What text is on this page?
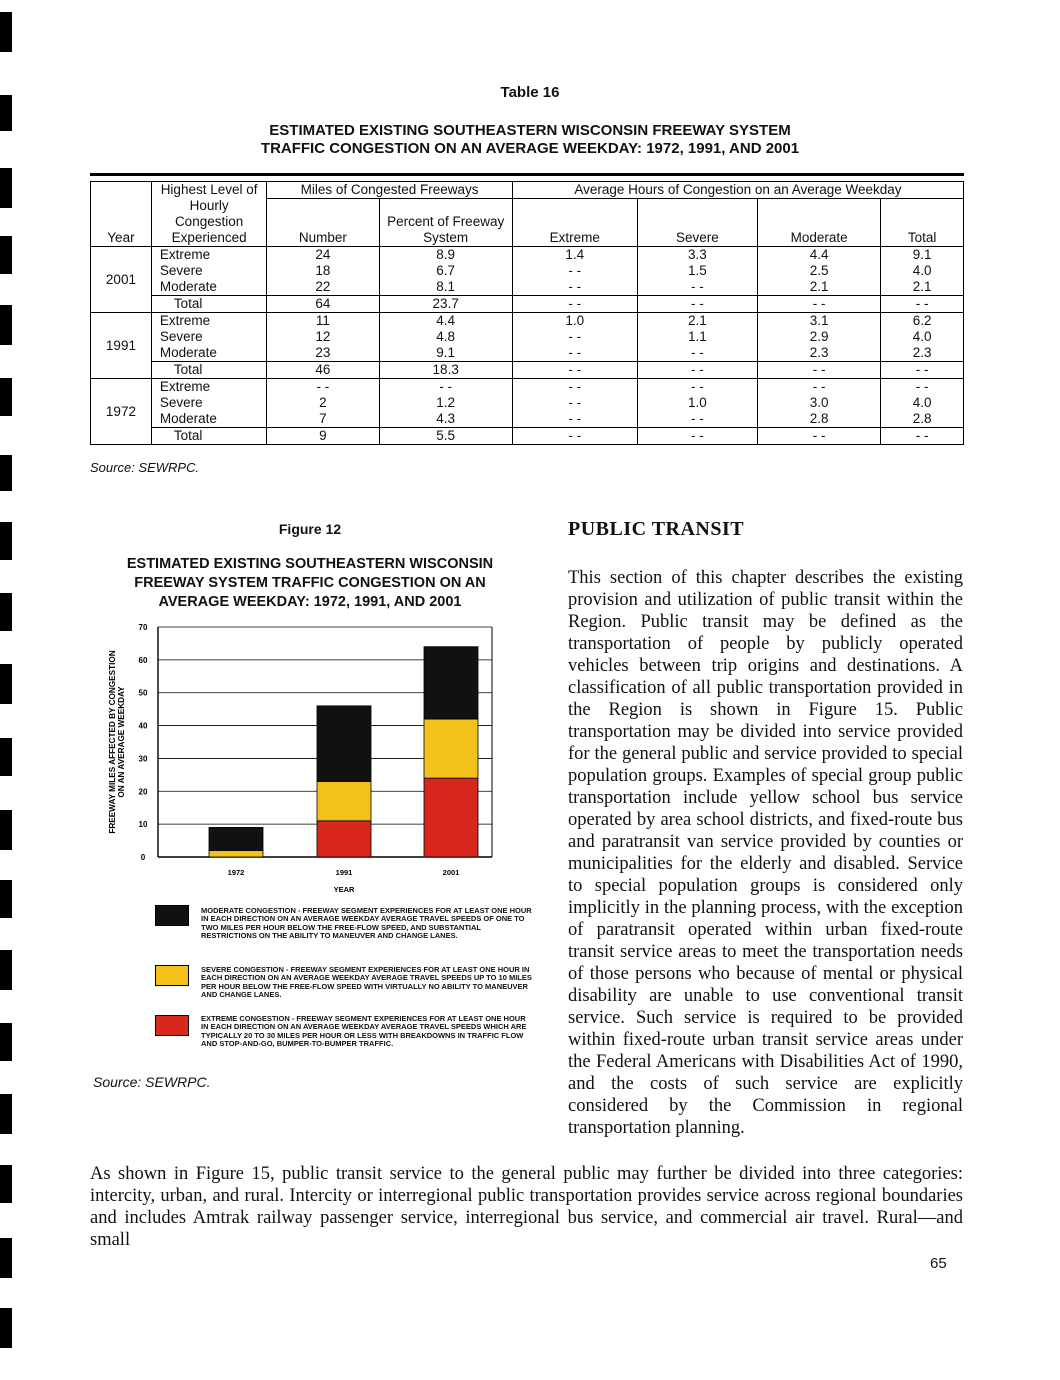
Table 16
ESTIMATED EXISTING SOUTHEASTERN WISCONSIN FREEWAY SYSTEM
TRAFFIC CONGESTION ON AN AVERAGE WEEKDAY: 1972, 1991, AND 2001
Year	Highest Level of Hourly Congestion Experienced	Miles of Congested Freeways		Average Hours of Congestion on an Average Weekday			
		Number	Percent of Freeway System	Extreme	Severe	Moderate	Total
2001	Extreme	24	8.9	1.4	3.3	4.4	9.1
	Severe	18	6.7	- -	1.5	2.5	4.0
	Moderate	22	8.1	- -	- -	2.1	2.1
	Total	64	23.7	- -	- -	- -	- -
1991	Extreme	11	4.4	1.0	2.1	3.1	6.2
	Severe	12	4.8	- -	1.1	2.9	4.0
	Moderate	23	9.1	- -	- -	2.3	2.3
	Total	46	18.3	- -	- -	- -	- -
1972	Extreme	- -	- -	- -	- -	- -	- -
	Severe	2	1.2	- -	1.0	3.0	4.0
	Moderate	7	4.3	- -	- -	2.8	2.8
	Total	9	5.5	- -	- -	- -	- -
Source: SEWRPC.
Figure 12
ESTIMATED EXISTING SOUTHEASTERN WISCONSIN
FREEWAY SYSTEM TRAFFIC CONGESTION ON AN
AVERAGE WEEKDAY: 1972, 1991, AND 2001
0
10
20
30
40
50
60
70
FREEWAY MILES AFFECTED BY CONGESTION ON AN AVERAGE WEEKDAY
1972	1991	2001
YEAR
MODERATE CONGESTION - FREEWAY SEGMENT EXPERIENCES FOR AT LEAST ONE HOUR IN EACH DIRECTION ON AN AVERAGE WEEKDAY AVERAGE TRAVEL SPEEDS OF ONE TO TWO MILES PER HOUR BELOW THE FREE-FLOW SPEED, AND SUBSTANTIAL RESTRICTIONS ON THE ABILITY TO MANEUVER AND CHANGE LANES.
SEVERE CONGESTION - FREEWAY SEGMENT EXPERIENCES FOR AT LEAST ONE HOUR IN EACH DIRECTION ON AN AVERAGE WEEKDAY AVERAGE TRAVEL SPEEDS UP TO 10 MILES PER HOUR BELOW THE FREE-FLOW SPEED WITH VIRTUALLY NO ABILITY TO MANEUVER AND CHANGE LANES.
EXTREME CONGESTION - FREEWAY SEGMENT EXPERIENCES FOR AT LEAST ONE HOUR IN EACH DIRECTION ON AN AVERAGE WEEKDAY AVERAGE TRAVEL SPEEDS WHICH ARE TYPICALLY 20 TO 30 MILES PER HOUR OR LESS WITH BREAKDOWNS IN TRAFFIC FLOW AND STOP-AND-GO, BUMPER-TO-BUMPER TRAFFIC.
Source: SEWRPC.
PUBLIC TRANSIT
This section of this chapter describes the existing provision and utilization of public transit within the Region. Public transit may be defined as the transportation of people by publicly operated vehicles between trip origins and destinations. A classification of all public transportation provided in the Region is shown in Figure 15. Public transportation may be divided into service provided for the general public and service provided to special population groups. Examples of special group public transportation include yellow school bus service operated by area school districts, and fixed-route bus and paratransit van service provided by counties or municipalities for the elderly and disabled. Service to special population groups is considered only implicitly in the planning process, with the exception of paratransit operated within urban fixed-route transit service areas to meet the transportation needs of those persons who because of mental or physical disability are unable to use conventional transit service. Such service is required to be provided within fixed-route urban transit service areas under the Federal Americans with Disabilities Act of 1990, and the costs of such service are explicitly considered by the Commission in regional transportation planning.
As shown in Figure 15, public transit service to the general public may further be divided into three categories: intercity, urban, and rural. Intercity or interregional public transportation provides service across regional boundaries and includes Amtrak railway passenger service, interregional bus service, and commercial air travel. Rural—and small
65
